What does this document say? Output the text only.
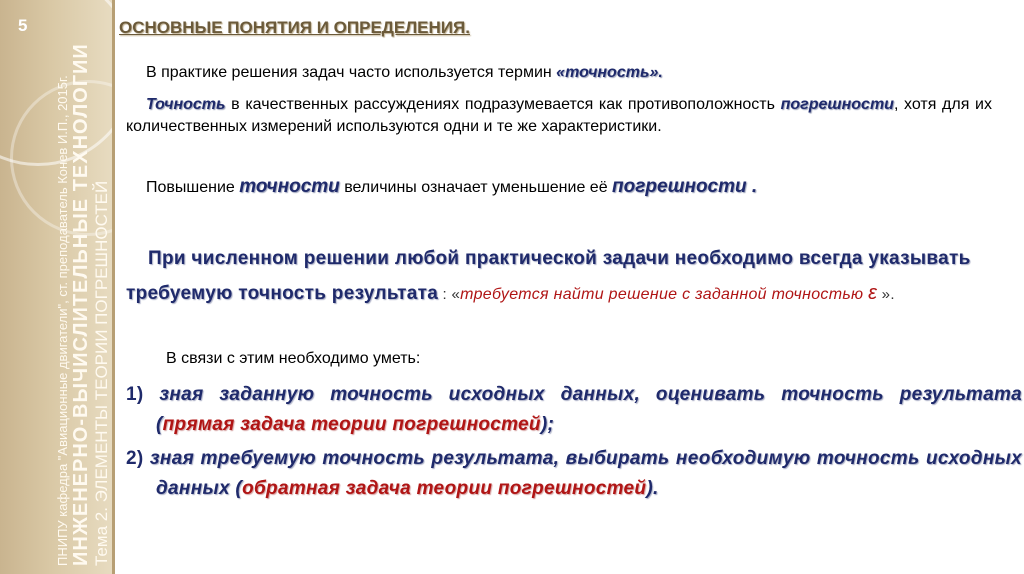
5
ПНИПУ кафедра "Авиационные двигатели", ст. преподаватель Конев И.П., 2015г. ИНЖЕНЕРНО-ВЫЧИСЛИТЕЛЬНЫЕ ТЕХНОЛОГИИ Тема 2. ЭЛЕМЕНТЫ ТЕОРИИ ПОГРЕШНОСТЕЙ
ОСНОВНЫЕ ПОНЯТИЯ И ОПРЕДЕЛЕНИЯ.
В практике решения задач часто используется термин «точность».
Точность в качественных рассуждениях подразумевается как противоположность погрешности, хотя для их количественных измерений используются одни и те же характеристики.
Повышение точности величины означает уменьшение её погрешности .
При численном решении любой практической задачи необходимо всегда указывать требуемую точность результата : «требуется найти решение с заданной точностью ε ».
В связи с этим необходимо уметь:
1) зная заданную точность исходных данных, оценивать точность результата (прямая задача теории погрешностей);
2) зная требуемую точность результата, выбирать необходимую точность исходных данных (обратная задача теории погрешностей).
